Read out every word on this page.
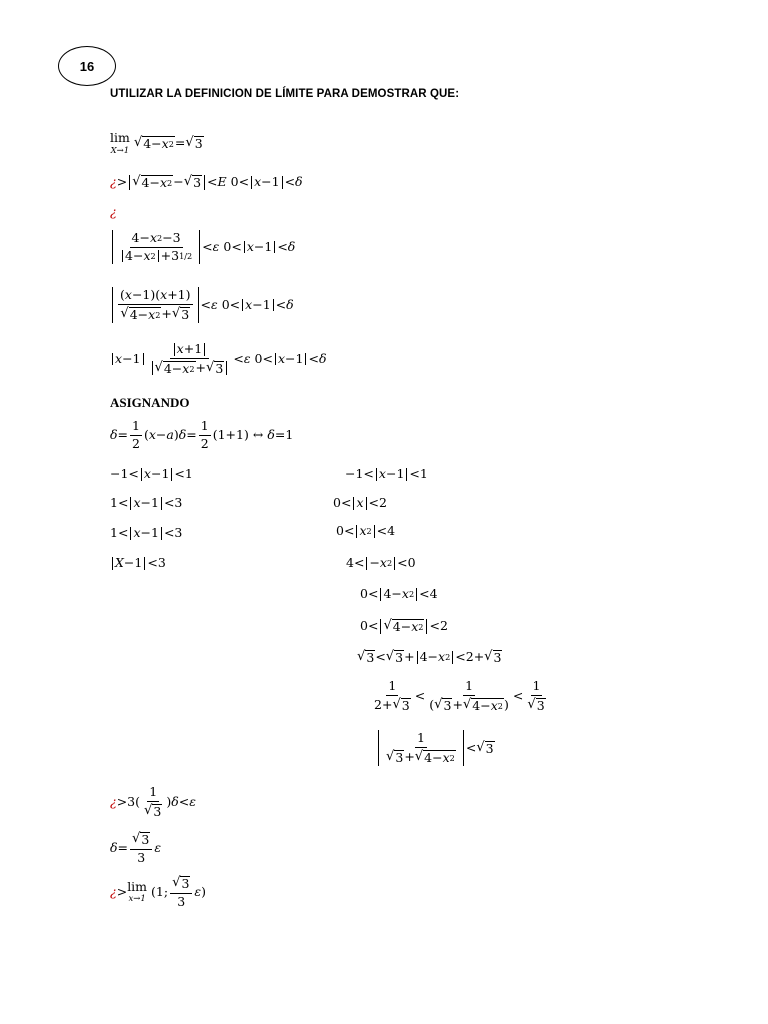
16
UTILIZAR LA DEFINICION DE LÍMITE PARA DEMOSTRAR QUE:
lim
X→1
√ 4− x 2 = √ 3
¿ > √ 4− x 2 − √ 3 < E 0< x −1 < δ
¿
$\frac{4- x 2 -3}{4- x 2 +3 1/2} < \varepsilon$ 0< x −1 < δ
$\frac{( x -1)( x +1)}{√ 4- x 2 + √ 3} < \varepsilon$ 0< x −1 < δ
$x -1 \frac{x +1}{√ 4- x 2 + √ 3} < \varepsilon$ 0< x −1 < δ
ASIGNANDO
$\delta = \frac{1}{2} (x-a) \delta = \frac{1}{2} (1+1)$ ↔ δ =1
−1< x −1 <1
1< x −1 <3
1< x −1 <3
X −1 <3
−1< x −1 <1
0< x <2
0< x 2 <4
4< − x 2 <0
0< 4− x 2 <4
0< √ 4− x 2 <2
√ 3 < √ 3 + 4− x 2 <2+ √ 3
$\frac{1}{2+ √ 3} < \frac{1}{( √ 3 + √ 4- x 2 )} < \frac{1}{√ 3}$
$\frac{1}{√ 3 + √ 4- x 2}$ < √ 3
¿ >3 ( $\frac{1}{√ 3}$ ) δ < ε
$\delta = \frac{√ 3}{3}$ ε
¿ > lim
x→1
(1; $\frac{√ 3}{3}$ ε )
